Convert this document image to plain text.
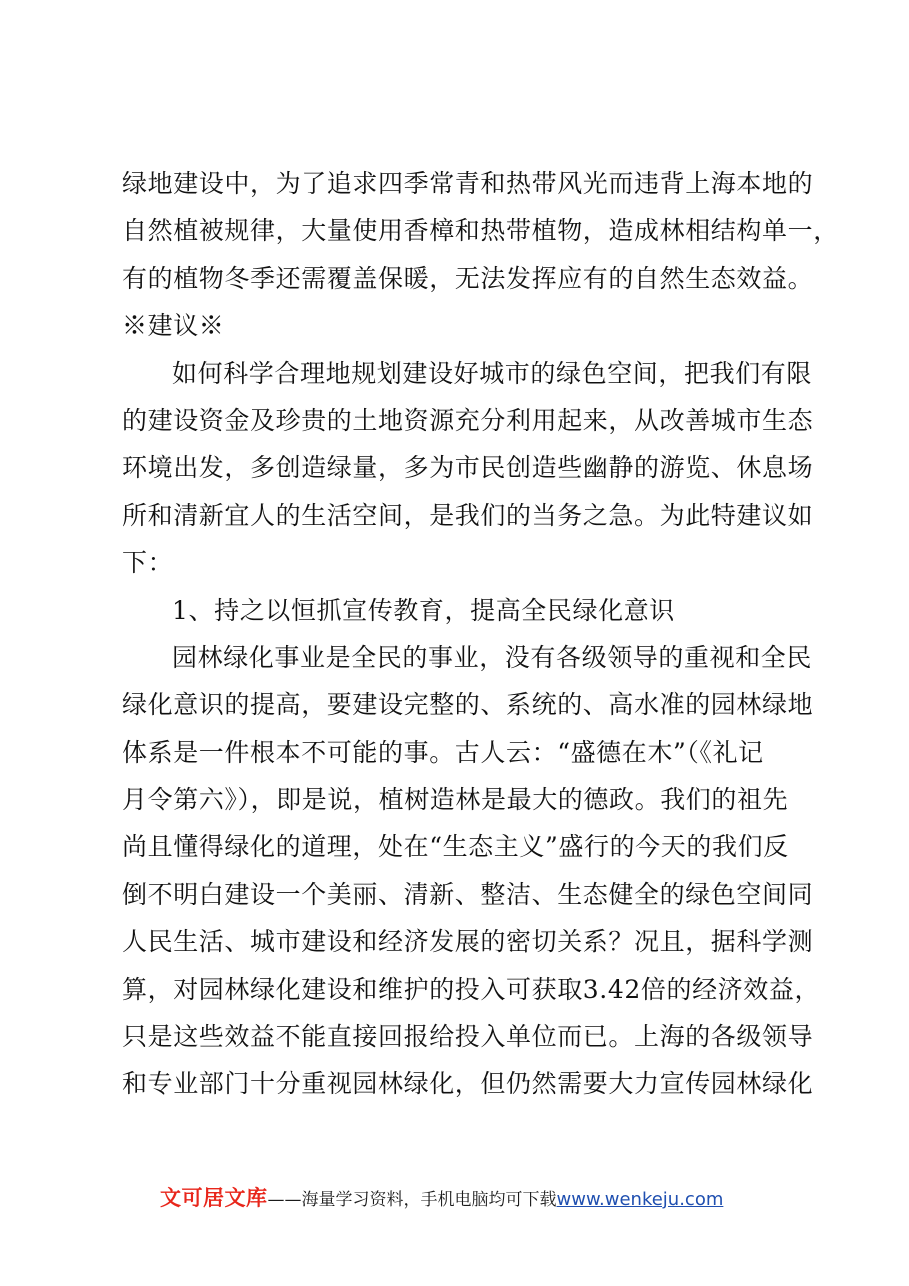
绿地建设中，为了追求四季常青和热带风光而违背上海本地的
自然植被规律，大量使用香樟和热带植物，造成林相结构单一，
有的植物冬季还需覆盖保暖，无法发挥应有的自然生态效益。
※建议※
如何科学合理地规划建设好城市的绿色空间，把我们有限
的建设资金及珍贵的土地资源充分利用起来，从改善城市生态
环境出发，多创造绿量，多为市民创造些幽静的游览、休息场
所和清新宜人的生活空间，是我们的当务之急。为此特建议如
下：
1、持之以恒抓宣传教育，提高全民绿化意识
园林绿化事业是全民的事业，没有各级领导的重视和全民
绿化意识的提高，要建设完整的、系统的、高水准的园林绿地
体系是一件根本不可能的事。古人云：“盛德在木”（《礼记
月令第六》），即是说，植树造林是最大的德政。我们的祖先
尚且懂得绿化的道理，处在“生态主义”盛行的今天的我们反
倒不明白建设一个美丽、清新、整洁、生态健全的绿色空间同
人民生活、城市建设和经济发展的密切关系？况且，据科学测
算，对园林绿化建设和维护的投入可获取3.42倍的经济效益，
只是这些效益不能直接回报给投入单位而已。上海的各级领导
和专业部门十分重视园林绿化，但仍然需要大力宣传园林绿化
文可居文库——海量学习资料，手机电脑均可下载www.wenkeju.com
